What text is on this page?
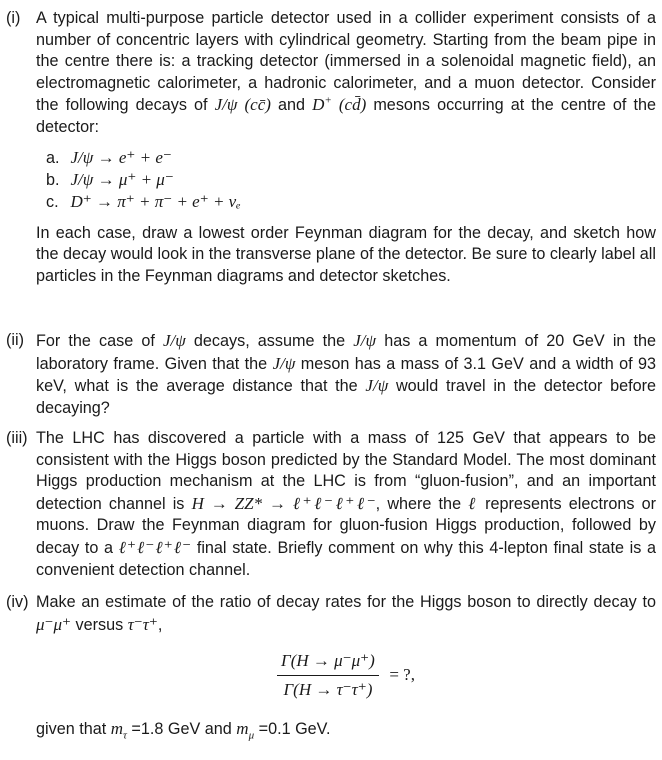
(i) A typical multi-purpose particle detector used in a collider experiment consists of a number of concentric layers with cylindrical geometry. Starting from the beam pipe in the centre there is: a tracking detector (immersed in a solenoidal magnetic field), an electromagnetic calorimeter, a hadronic calorimeter, and a muon detector. Consider the following decays of J/ψ (cc̄) and D+ (cd̄) mesons occurring at the centre of the detector:
a. J/ψ → e⁺ + e⁻
b. J/ψ → μ⁺ + μ⁻
c. D⁺ → π⁺ + π⁻ + e⁺ + νₑ
In each case, draw a lowest order Feynman diagram for the decay, and sketch how the decay would look in the transverse plane of the detector. Be sure to clearly label all particles in the Feynman diagrams and detector sketches.
(ii) For the case of J/ψ decays, assume the J/ψ has a momentum of 20 GeV in the laboratory frame. Given that the J/ψ meson has a mass of 3.1 GeV and a width of 93 keV, what is the average distance that the J/ψ would travel in the detector before decaying?
(iii) The LHC has discovered a particle with a mass of 125 GeV that appears to be consistent with the Higgs boson predicted by the Standard Model. The most dominant Higgs production mechanism at the LHC is from “gluon-fusion”, and an important detection channel is H → ZZ* → ℓ⁺ℓ⁻ℓ⁺ℓ⁻, where the ℓ represents electrons or muons. Draw the Feynman diagram for gluon-fusion Higgs production, followed by decay to a ℓ⁺ℓ⁻ℓ⁺ℓ⁻ final state. Briefly comment on why this 4-lepton final state is a convenient detection channel.
(iv) Make an estimate of the ratio of decay rates for the Higgs boson to directly decay to μ⁻μ⁺ versus τ⁻τ⁺,
$\frac{\Gamma(H \to \mu^-\mu^+)}{\Gamma(H \to \tau^-\tau^+)}$ = ?,
given that $m_\tau =1.8$ GeV and $m_\mu =0.1$ GeV.
